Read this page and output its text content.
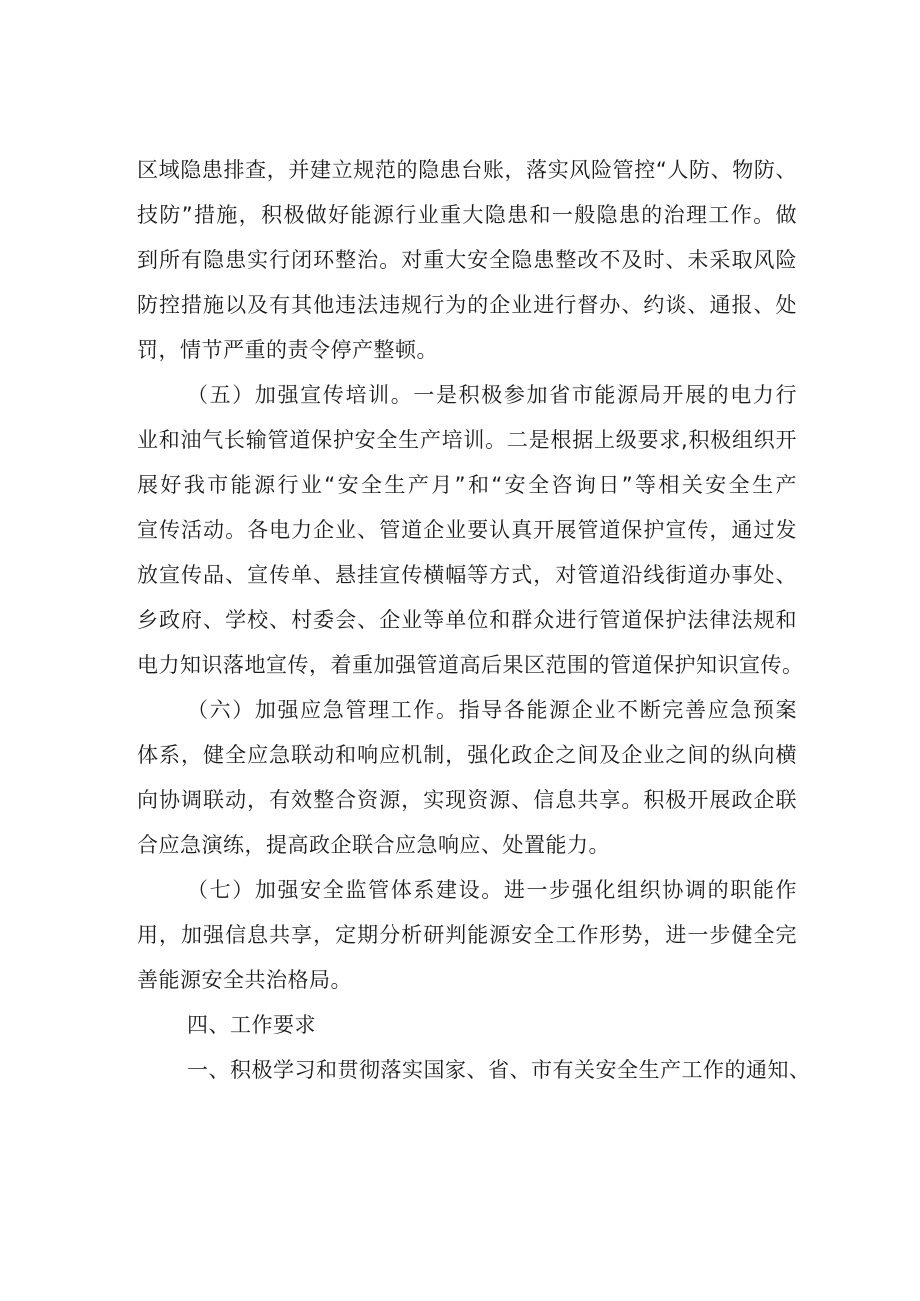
区域隐患排查，并建立规范的隐患台账，落实风险管控“人防、物防、
技防”措施，积极做好能源行业重大隐患和一般隐患的治理工作。做
到所有隐患实行闭环整治。对重大安全隐患整改不及时、未采取风险
防控措施以及有其他违法违规行为的企业进行督办、约谈、通报、处
罚，情节严重的责令停产整顿。
（五）加强宣传培训。一是积极参加省市能源局开展的电力行
业和油气长输管道保护安全生产培训。二是根据上级要求,积极组织开
展好我市能源行业“安全生产月”和“安全咨询日”等相关安全生产
宣传活动。各电力企业、管道企业要认真开展管道保护宣传，通过发
放宣传品、宣传单、悬挂宣传横幅等方式，对管道沿线街道办事处、
乡政府、学校、村委会、企业等单位和群众进行管道保护法律法规和
电力知识落地宣传，着重加强管道高后果区范围的管道保护知识宣传。
（六）加强应急管理工作。指导各能源企业不断完善应急预案
体系，健全应急联动和响应机制，强化政企之间及企业之间的纵向横
向协调联动，有效整合资源，实现资源、信息共享。积极开展政企联
合应急演练，提高政企联合应急响应、处置能力。
（七）加强安全监管体系建设。进一步强化组织协调的职能作
用，加强信息共享，定期分析研判能源安全工作形势，进一步健全完
善能源安全共治格局。
四、工作要求
一、积极学习和贯彻落实国家、省、市有关安全生产工作的通知、
